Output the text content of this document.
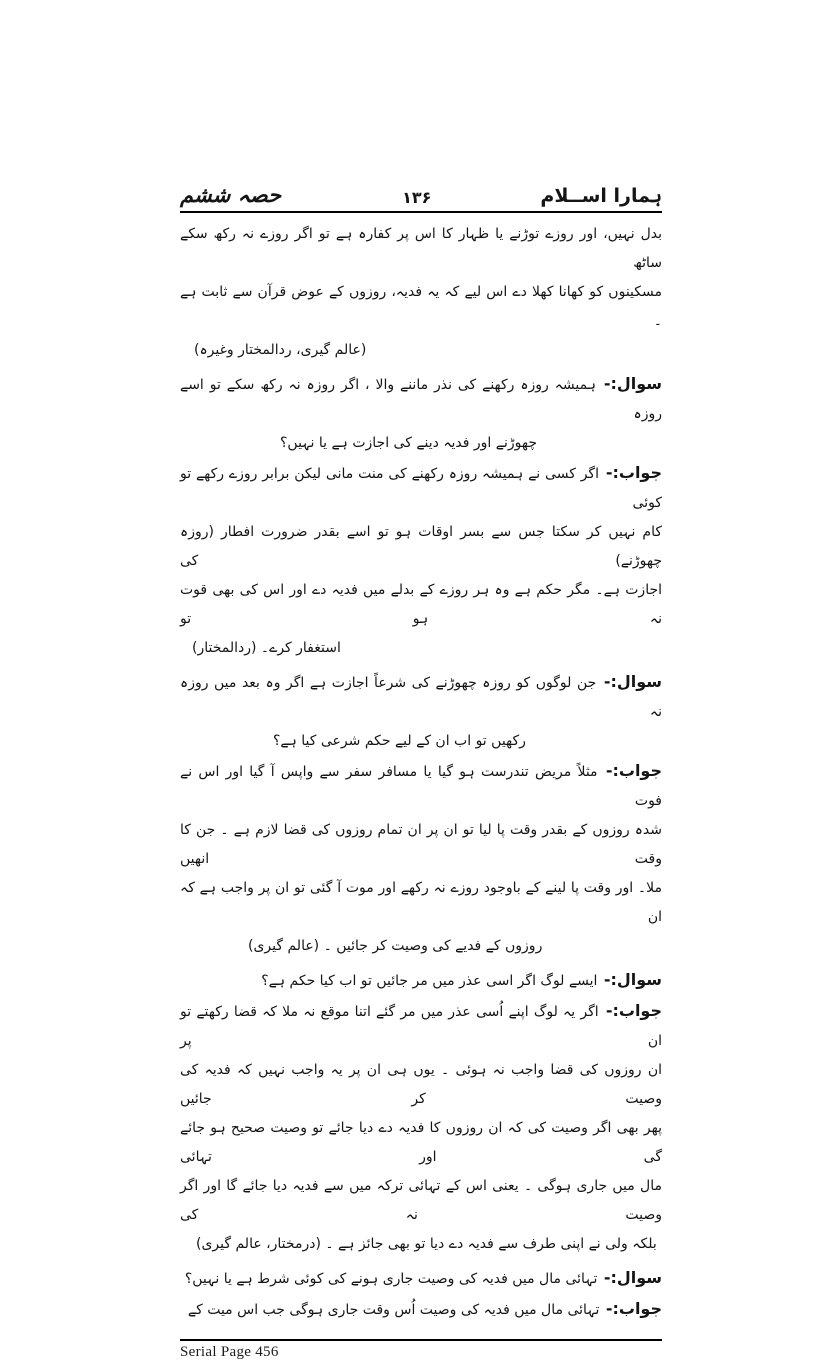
ہمارا اســلام
۱۳۶
حصہ ششم
بدل نہیں، اور روزے توڑنے یا ظہار کا اس پر کفارہ ہے تو اگر روزے نہ رکھ سکے ساٹھ
مسکینوں کو کھانا کھلا دے اس لیے کہ یہ فدیہ، روزوں کے عوض قرآن سے ثابت ہے ۔
(عالم گیری، ردالمختار وغیرہ)
سوال:- ہمیشہ روزہ رکھنے کی نذر ماننے والا ، اگر روزہ نہ رکھ سکے تو اسے روزہ
چھوڑنے اور فدیہ دینے کی اجازت ہے یا نہیں؟
جواب:- اگر کسی نے ہمیشہ روزہ رکھنے کی منت مانی لیکن برابر روزے رکھے تو کوئی
کام نہیں کر سکتا جس سے بسر اوقات ہو تو اسے بقدر ضرورت افطار (روزہ چھوڑنے) کی
اجازت ہے۔ مگر حکم ہے وہ ہر روزے کے بدلے میں فدیہ دے اور اس کی بھی قوت نہ ہو تو
استغفار کرے۔ (ردالمختار)
سوال:- جن لوگوں کو روزہ چھوڑنے کی شرعاً اجازت ہے اگر وہ بعد میں روزہ نہ
رکھیں تو اب ان کے لیے حکم شرعی کیا ہے؟
جواب:- مثلاً مریض تندرست ہو گیا یا مسافر سفر سے واپس آ گیا اور اس نے فوت
شدہ روزوں کے بقدر وقت پا لیا تو ان پر ان تمام روزوں کی قضا لازم ہے ۔ جن کا وقت انھیں
ملا۔ اور وقت پا لینے کے باوجود روزے نہ رکھے اور موت آ گئی تو ان پر واجب ہے کہ ان
روزوں کے فدیے کی وصیت کر جائیں ۔ (عالم گیری)
سوال:- ایسے لوگ اگر اسی عذر میں مر جائیں تو اب کیا حکم ہے؟
جواب:- اگر یہ لوگ اپنے اُسی عذر میں مر گئے اتنا موقع نہ ملا کہ قضا رکھتے تو ان پر
ان روزوں کی قضا واجب نہ ہوئی ۔ یوں ہی ان پر یہ واجب نہیں کہ فدیہ کی وصیت کر جائیں
پھر بھی اگر وصیت کی کہ ان روزوں کا فدیہ دے دیا جائے تو وصیت صحیح ہو جائے گی اور تہائی
مال میں جاری ہوگی ۔ یعنی اس کے تہائی ترکہ میں سے فدیہ دیا جائے گا اور اگر وصیت نہ کی
بلکہ ولی نے اپنی طرف سے فدیہ دے دیا تو بھی جائز ہے ۔ (درمختار، عالم گیری)
سوال:- تہائی مال میں فدیہ کی وصیت جاری ہونے کی کوئی شرط ہے یا نہیں؟
جواب:- تہائی مال میں فدیہ کی وصیت اُس وقت جاری ہوگی جب اس میت کے
Serial Page 456
